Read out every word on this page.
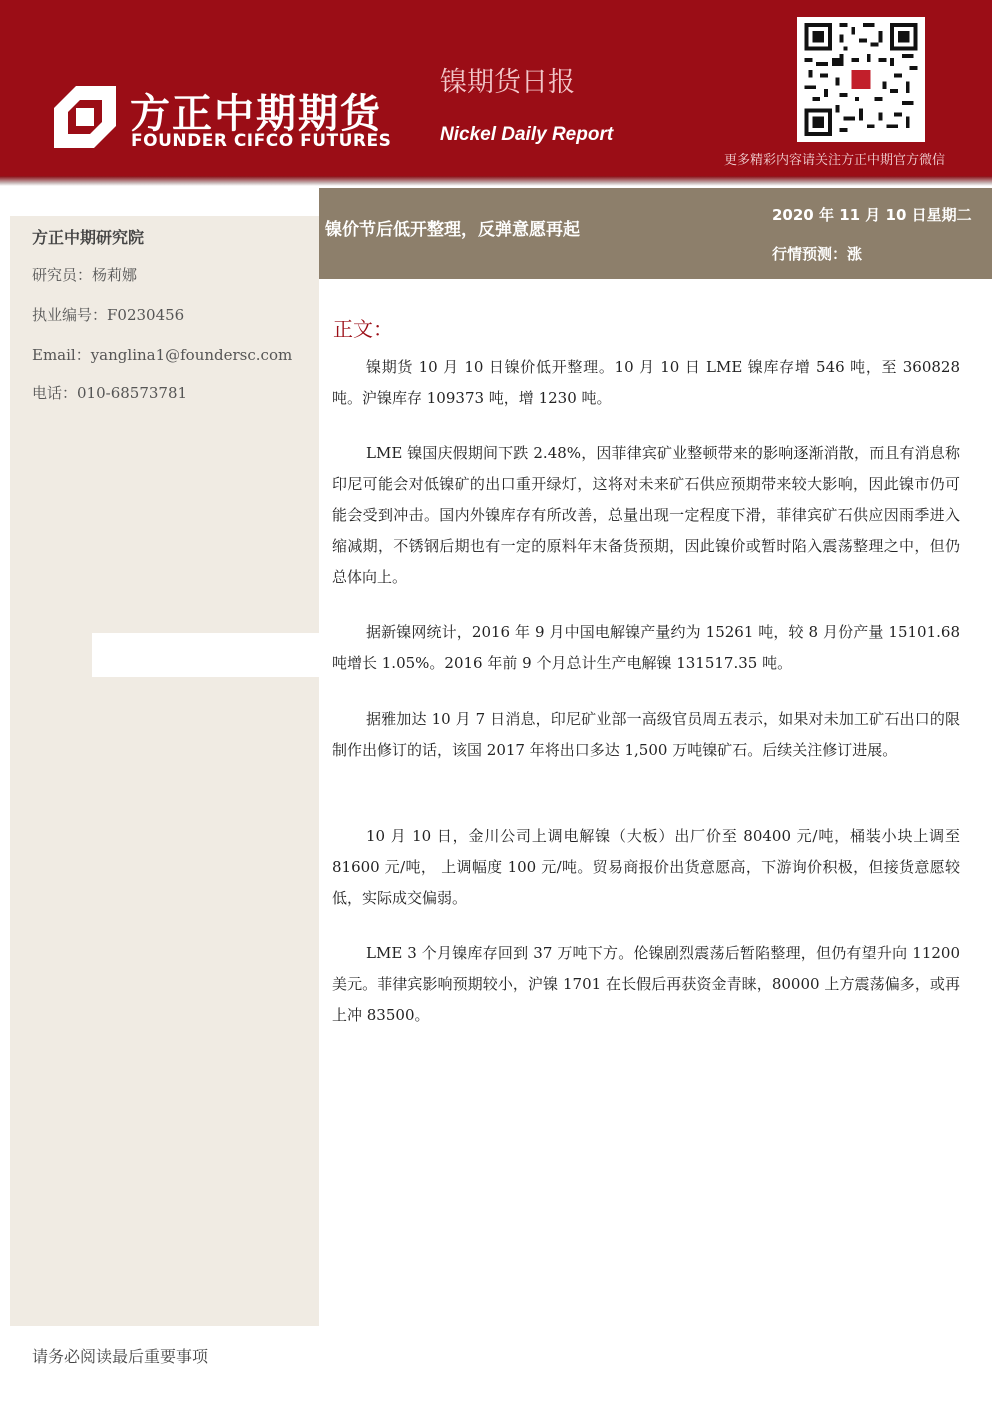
方正中期期货
FOUNDER CIFCO FUTURES
镍期货日报
Nickel Daily Report
更多精彩内容请关注方正中期官方微信
镍价节后低开整理，反弹意愿再起
2020 年 11 月 10 日星期二
行情预测：涨
方正中期研究院
研究员：杨莉娜
执业编号：F0230456
Email：yanglina1@foundersc.com
电话：010-68573781
正文：

镍期货 10 月 10 日镍价低开整理。10 月 10 日 LME 镍库存增 546 吨，至 360828 吨。沪镍库存 109373 吨，增 1230 吨。

LME 镍国庆假期间下跌 2.48%，因菲律宾矿业整顿带来的影响逐渐消散，而且有消息称印尼可能会对低镍矿的出口重开绿灯，这将对未来矿石供应预期带来较大影响，因此镍市仍可能会受到冲击。国内外镍库存有所改善，总量出现一定程度下滑，菲律宾矿石供应因雨季进入缩减期，不锈钢后期也有一定的原料年末备货预期，因此镍价或暂时陷入震荡整理之中，但仍总体向上。

据新镍网统计，2016 年 9 月中国电解镍产量约为 15261 吨，较 8 月份产量 15101.68 吨增长 1.05%。2016 年前 9 个月总计生产电解镍 131517.35 吨。

据雅加达 10 月 7 日消息，印尼矿业部一高级官员周五表示，如果对未加工矿石出口的限制作出修订的话，该国 2017 年将出口多达 1,500 万吨镍矿石。后续关注修订进展。

10 月 10 日，金川公司上调电解镍（大板）出厂价至 80400 元/吨，桶装小块上调至 81600 元/吨， 上调幅度 100 元/吨。贸易商报价出货意愿高，下游询价积极，但接货意愿较低，实际成交偏弱。

LME 3 个月镍库存回到 37 万吨下方。伦镍剧烈震荡后暂陷整理，但仍有望升向 11200 美元。菲律宾影响预期较小，沪镍 1701 在长假后再获资金青睐，80000 上方震荡偏多，或再上冲 83500。

请务必阅读最后重要事项
